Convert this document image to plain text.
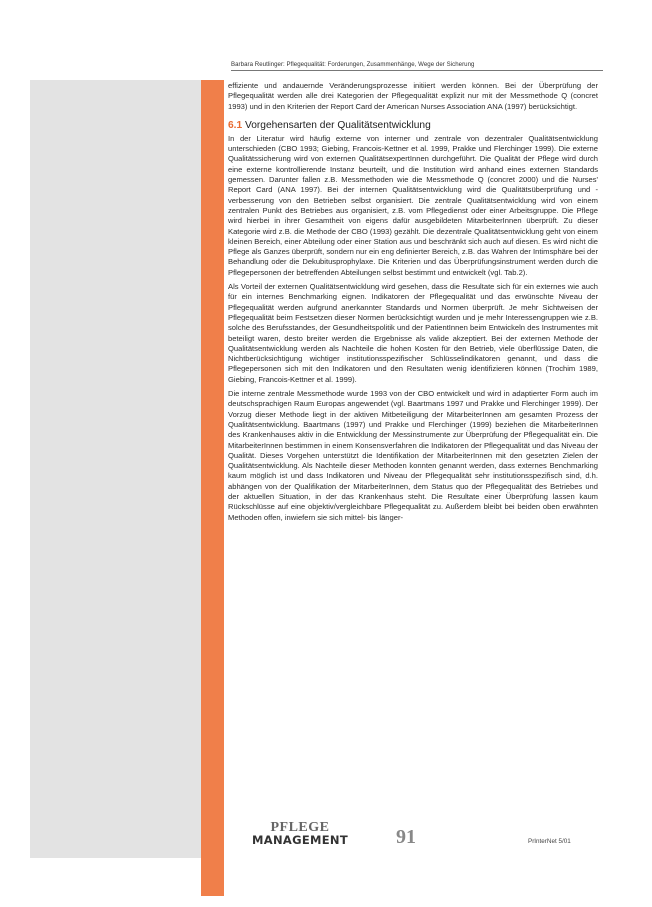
Barbara Reutlinger: Pflegequalität: Forderungen, Zusammenhänge, Wege der Sicherung

effiziente und andauernde Veränderungsprozesse initiiert werden können. Bei der Überprüfung der Pflegequalität werden alle drei Kategorien der Pflegequalität explizit nur mit der Messmethode Q (concret 1993) und in den Kriterien der Report Card der American Nurses Association ANA (1997) berücksichtigt.

6.1 Vorgehensarten der Qualitätsentwicklung

In der Literatur wird häufig externe von interner und zentrale von dezentraler Qualitätsentwicklung unterschieden (CBO 1993; Giebing, Francois-Kettner et al. 1999, Prakke und Flerchinger 1999). Die externe Qualitätssicherung wird von externen QualitätsexpertInnen durchgeführt. Die Qualität der Pflege wird durch eine externe kontrollierende Instanz beurteilt, und die Institution wird anhand eines externen Standards gemessen. Darunter fallen z.B. Messmethoden wie die Messmethode Q (concret 2000) und die Nurses' Report Card (ANA 1997). Bei der internen Qualitätsentwicklung wird die Qualitätsüberprüfung und -verbesserung von den Betrieben selbst organisiert. Die zentrale Qualitätsentwicklung wird von einem zentralen Punkt des Betriebes aus organisiert, z.B. vom Pflegedienst oder einer Arbeitsgruppe. Die Pflege wird hierbei in ihrer Gesamtheit von eigens dafür ausgebildeten MitarbeiterInnen überprüft. Zu dieser Kategorie wird z.B. die Methode der CBO (1993) gezählt. Die dezentrale Qualitätsentwicklung geht von einem kleinen Bereich, einer Abteilung oder einer Station aus und beschränkt sich auch auf diesen. Es wird nicht die Pflege als Ganzes überprüft, sondern nur ein eng definierter Bereich, z.B. das Wahren der Intimsphäre bei der Behandlung oder die Dekubitusprophylaxe. Die Kriterien und das Überprüfungsinstrument werden durch die Pflegepersonen der betreffenden Abteilungen selbst bestimmt und entwickelt (vgl. Tab.2).

Als Vorteil der externen Qualitätsentwicklung wird gesehen, dass die Resultate sich für ein externes wie auch für ein internes Benchmarking eignen. Indikatoren der Pflegequalität und das erwünschte Niveau der Pflegequalität werden aufgrund anerkannter Standards und Normen überprüft. Je mehr Sichtweisen der Pflegequalität beim Festsetzen dieser Normen berücksichtigt wurden und je mehr Interessengruppen wie z.B. solche des Berufsstandes, der Gesundheitspolitik und der PatientInnen beim Entwickeln des Instrumentes mit beteiligt waren, desto breiter werden die Ergebnisse als valide akzeptiert. Bei der externen Methode der Qualitätsentwicklung werden als Nachteile die hohen Kosten für den Betrieb, viele überflüssige Daten, die Nichtberücksichtigung wichtiger institutionsspezifischer Schlüsselindikatoren genannt, und dass die Pflegepersonen sich mit den Indikatoren und den Resultaten wenig identifizieren können (Trochim 1989, Giebing, Francois-Kettner et al. 1999).

Die interne zentrale Messmethode wurde 1993 von der CBO entwickelt und wird in adaptierter Form auch im deutschsprachigen Raum Europas angewendet (vgl. Baartmans 1997 und Prakke und Flerchinger 1999). Der Vorzug dieser Methode liegt in der aktiven Mitbeteiligung der MitarbeiterInnen am gesamten Prozess der Qualitätsentwicklung. Baartmans (1997) und Prakke und Flerchinger (1999) beziehen die MitarbeiterInnen des Krankenhauses aktiv in die Entwicklung der Messinstrumente zur Überprüfung der Pflegequalität ein. Die MitarbeiterInnen bestimmen in einem Konsensverfahren die Indikatoren der Pflegequalität und das Niveau der Qualität. Dieses Vorgehen unterstützt die Identifikation der MitarbeiterInnen mit den gesetzten Zielen der Qualitätsentwicklung. Als Nachteile dieser Methoden konnten genannt werden, dass externes Benchmarking kaum möglich ist und dass Indikatoren und Niveau der Pflegequalität sehr institutionsspezifisch sind, d.h. abhängen von der Qualifikation der MitarbeiterInnen, dem Status quo der Pflegequalität des Betriebes und der aktuellen Situation, in der das Krankenhaus steht. Die Resultate einer Überprüfung lassen kaum Rückschlüsse auf eine objektiv/vergleichbare Pflegequalität zu. Außerdem bleibt bei beiden oben erwähnten Methoden offen, inwiefern sie sich mittel- bis länger-

PFLEGE
MANAGEMENT	91	PrInterNet 5/01
